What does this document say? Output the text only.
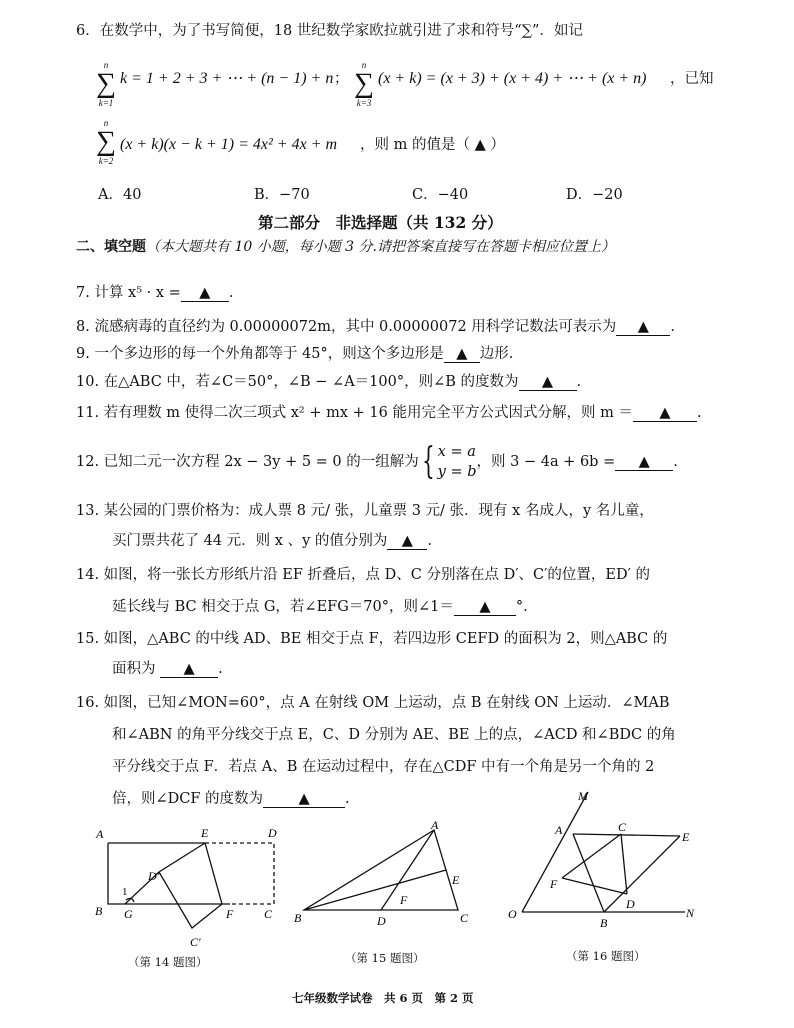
6．在数学中，为了书写简便，18 世纪数学家欧拉就引进了求和符号“∑”．如记
n
∑
k=1
k = 1 + 2 + 3 + ⋯ + (n − 1) + n ；
n
∑
k=3
(x + k) = (x + 3) + (x + 4) + ⋯ + (x + n) ，已知
n
∑
k=2
(x + k)(x − k + 1) = 4x² + 4x + m ，则 m 的值是（ ▲ ）
A．40	B．−70	C．−40	D．−20
第二部分　非选择题（共 132 分）
二、填空题（本大题共有 10 小题，每小题 3 分.请把答案直接写在答题卡相应位置上）
7. 计算 x⁵ · x = ▲ .
8. 流感病毒的直径约为 0.00000072m，其中 0.00000072 用科学记数法可表示为 ▲ .
9. 一个多边形的每一个外角都等于 45°，则这个多边形是 ▲ 边形.
10. 在△ABC 中，若∠C＝50°，∠B − ∠A＝100°，则∠B 的度数为 ▲ .
11. 若有理数 m 使得二次三项式 x² + mx + 16 能用完全平方公式因式分解，则 m ＝ ▲ .
12. 已知二元一次方程 2x − 3y + 5 = 0 的一组解为{ x = a
y = b
，则 3 − 4a + 6b = ▲ .
13. 某公园的门票价格为：成人票 8 元/ 张，儿童票 3 元/ 张．现有 x 名成人，y 名儿童，
买门票共花了 44 元．则 x 、y 的值分别为 ▲ .
14. 如图，将一张长方形纸片沿 EF 折叠后，点 D、C 分别落在点 D′、C′的位置，ED′ 的
延长线与 BC 相交于点 G，若∠EFG＝70°，则∠1＝ ▲ °.
15. 如图，△ABC 的中线 AD、BE 相交于点 F，若四边形 CEFD 的面积为 2，则△ABC 的
面积为 ▲ .
16. 如图，已知∠MON=60°，点 A 在射线 OM 上运动，点 B 在射线 ON 上运动．∠MAB
和∠ABN 的角平分线交于点 E，C、D 分别为 AE、BE 上的点，∠ACD 和∠BDC 的角
平分线交于点 F．若点 A、B 在运动过程中，存在△CDF 中有一个角是另一个角的 2
倍，则∠DCF 的度数为 ▲ .
A	E	D
D′
1
B G	F	C
C′
（第 14 题图）
A
E
F
B	D	C
（第 15 题图）
M
A	C
E
F
D
O
B
N
（第 16 题图）
七年级数学试卷　共 6 页　第 2 页
